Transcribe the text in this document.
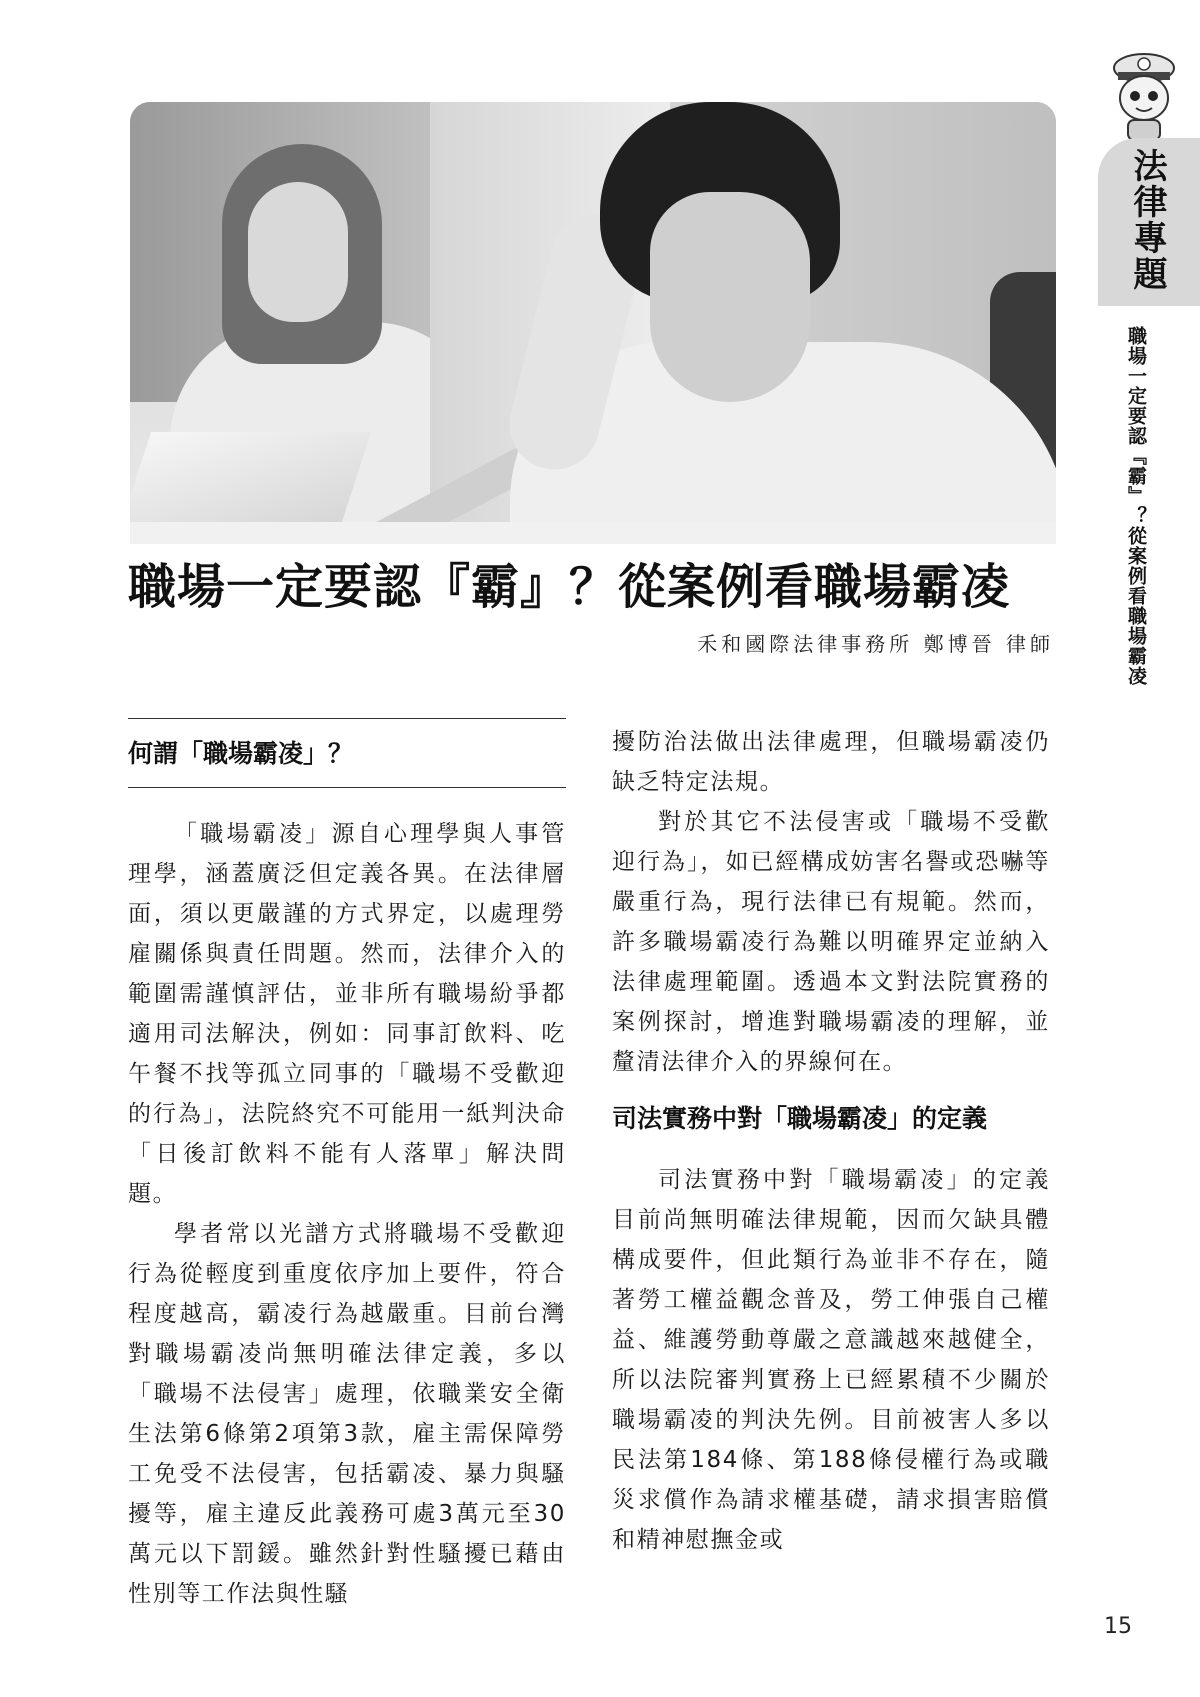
法律專題
職場一定要認『霸』？從案例看職場霸凌
職場一定要認『霸』？從案例看職場霸凌

禾和國際法律事務所 鄭博晉 律師

何謂「職場霸凌」？

「職場霸凌」源自心理學與人事管理學，涵蓋廣泛但定義各異。在法律層面，須以更嚴謹的方式界定，以處理勞雇關係與責任問題。然而，法律介入的範圍需謹慎評估，並非所有職場紛爭都適用司法解決，例如：同事訂飲料、吃午餐不找等孤立同事的「職場不受歡迎的行為」，法院終究不可能用一紙判決命「日後訂飲料不能有人落單」解決問題。

學者常以光譜方式將職場不受歡迎行為從輕度到重度依序加上要件，符合程度越高，霸凌行為越嚴重。目前台灣對職場霸凌尚無明確法律定義，多以「職場不法侵害」處理，依職業安全衛生法第6條第2項第3款，雇主需保障勞工免受不法侵害，包括霸凌、暴力與騷擾等，雇主違反此義務可處3萬元至30萬元以下罰鍰。雖然針對性騷擾已藉由性別等工作法與性騷

擾防治法做出法律處理，但職場霸凌仍缺乏特定法規。

對於其它不法侵害或「職場不受歡迎行為」，如已經構成妨害名譽或恐嚇等嚴重行為，現行法律已有規範。然而，許多職場霸凌行為難以明確界定並納入法律處理範圍。透過本文對法院實務的案例探討，增進對職場霸凌的理解，並釐清法律介入的界線何在。

司法實務中對「職場霸凌」的定義

司法實務中對「職場霸凌」的定義目前尚無明確法律規範，因而欠缺具體構成要件，但此類行為並非不存在，隨著勞工權益觀念普及，勞工伸張自己權益、維護勞動尊嚴之意識越來越健全，所以法院審判實務上已經累積不少關於職場霸凌的判決先例。目前被害人多以民法第184條、第188條侵權行為或職災求償作為請求權基礎，請求損害賠償和精神慰撫金或

15
